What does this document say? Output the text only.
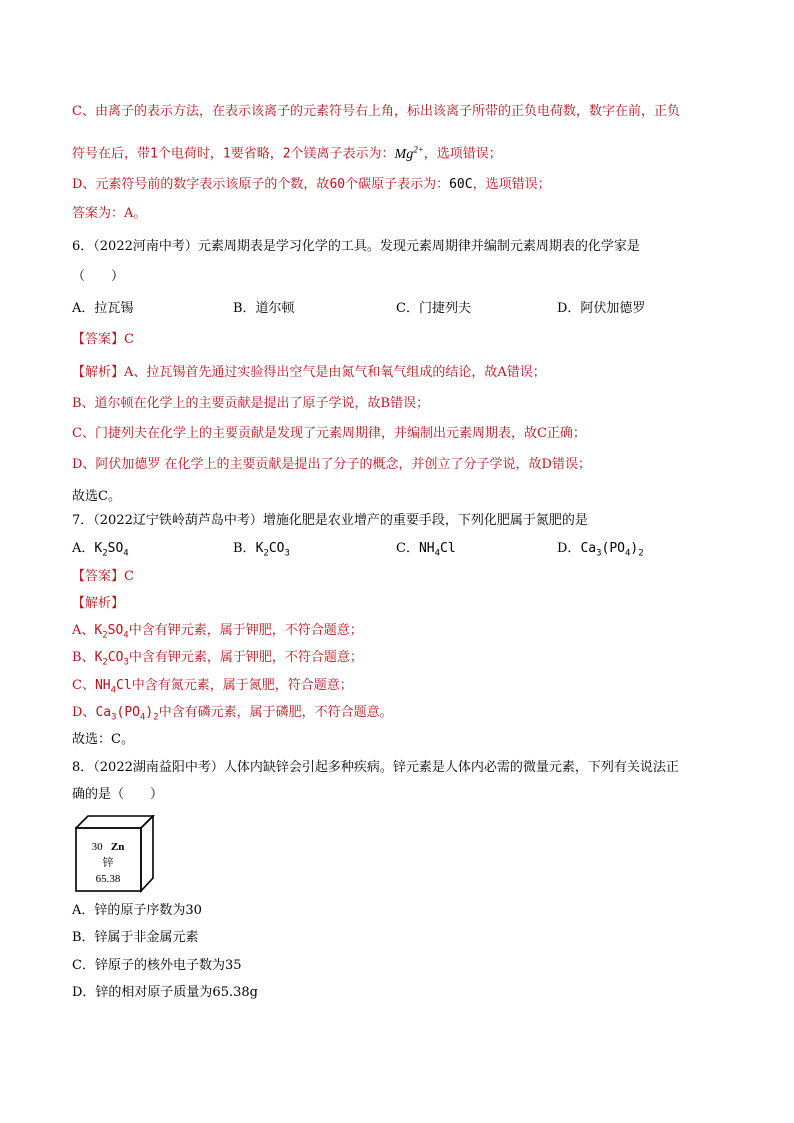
C、由离子的表示方法，在表示该离子的元素符号右上角，标出该离子所带的正负电荷数，数字在前，正负
符号在后，带1个电荷时，1要省略，2个镁离子表示为：$Mg^{2+}$，选项错误；
D、元素符号前的数字表示该原子的个数，故60个碳原子表示为：60C，选项错误；
答案为：A。
6．（2022河南中考）元素周期表是学习化学的工具。发现元素周期律并编制元素周期表的化学家是
（　　）
A．拉瓦锡	B．道尔顿	C．门捷列夫	D．阿伏加德罗
【答案】C
【解析】A、拉瓦锡首先通过实验得出空气是由氮气和氧气组成的结论，故A错误；
B、道尔顿在化学上的主要贡献是提出了原子学说，故B错误；
C、门捷列夫在化学上的主要贡献是发现了元素周期律，并编制出元素周期表，故C正确；
D、阿伏加德罗 在化学上的主要贡献是提出了分子的概念，并创立了分子学说，故D错误；
故选C。
7．（2022辽宁铁岭葫芦岛中考）增施化肥是农业增产的重要手段，下列化肥属于氮肥的是
A．$K_2SO_4$	B．$K_2CO_3$	C．$NH_4Cl$	D．$Ca_3(PO_4)_2$
【答案】C
【解析】
A、$K_2SO_4$中含有钾元素，属于钾肥，不符合题意；
B、$K_2CO_3$中含有钾元素，属于钾肥，不符合题意；
C、$NH_4Cl$中含有氮元素，属于氮肥，符合题意；
D、$Ca_3(PO_4)_2$中含有磷元素，属于磷肥，不符合题意。
故选：C。
8．（2022湖南益阳中考）人体内缺锌会引起多种疾病。锌元素是人体内必需的微量元素，下列有关说法正
确的是（　　）
30 Zn
锌
65.38
A．锌的原子序数为30
B．锌属于非金属元素
C．锌原子的核外电子数为35
D．锌的相对原子质量为65.38g
